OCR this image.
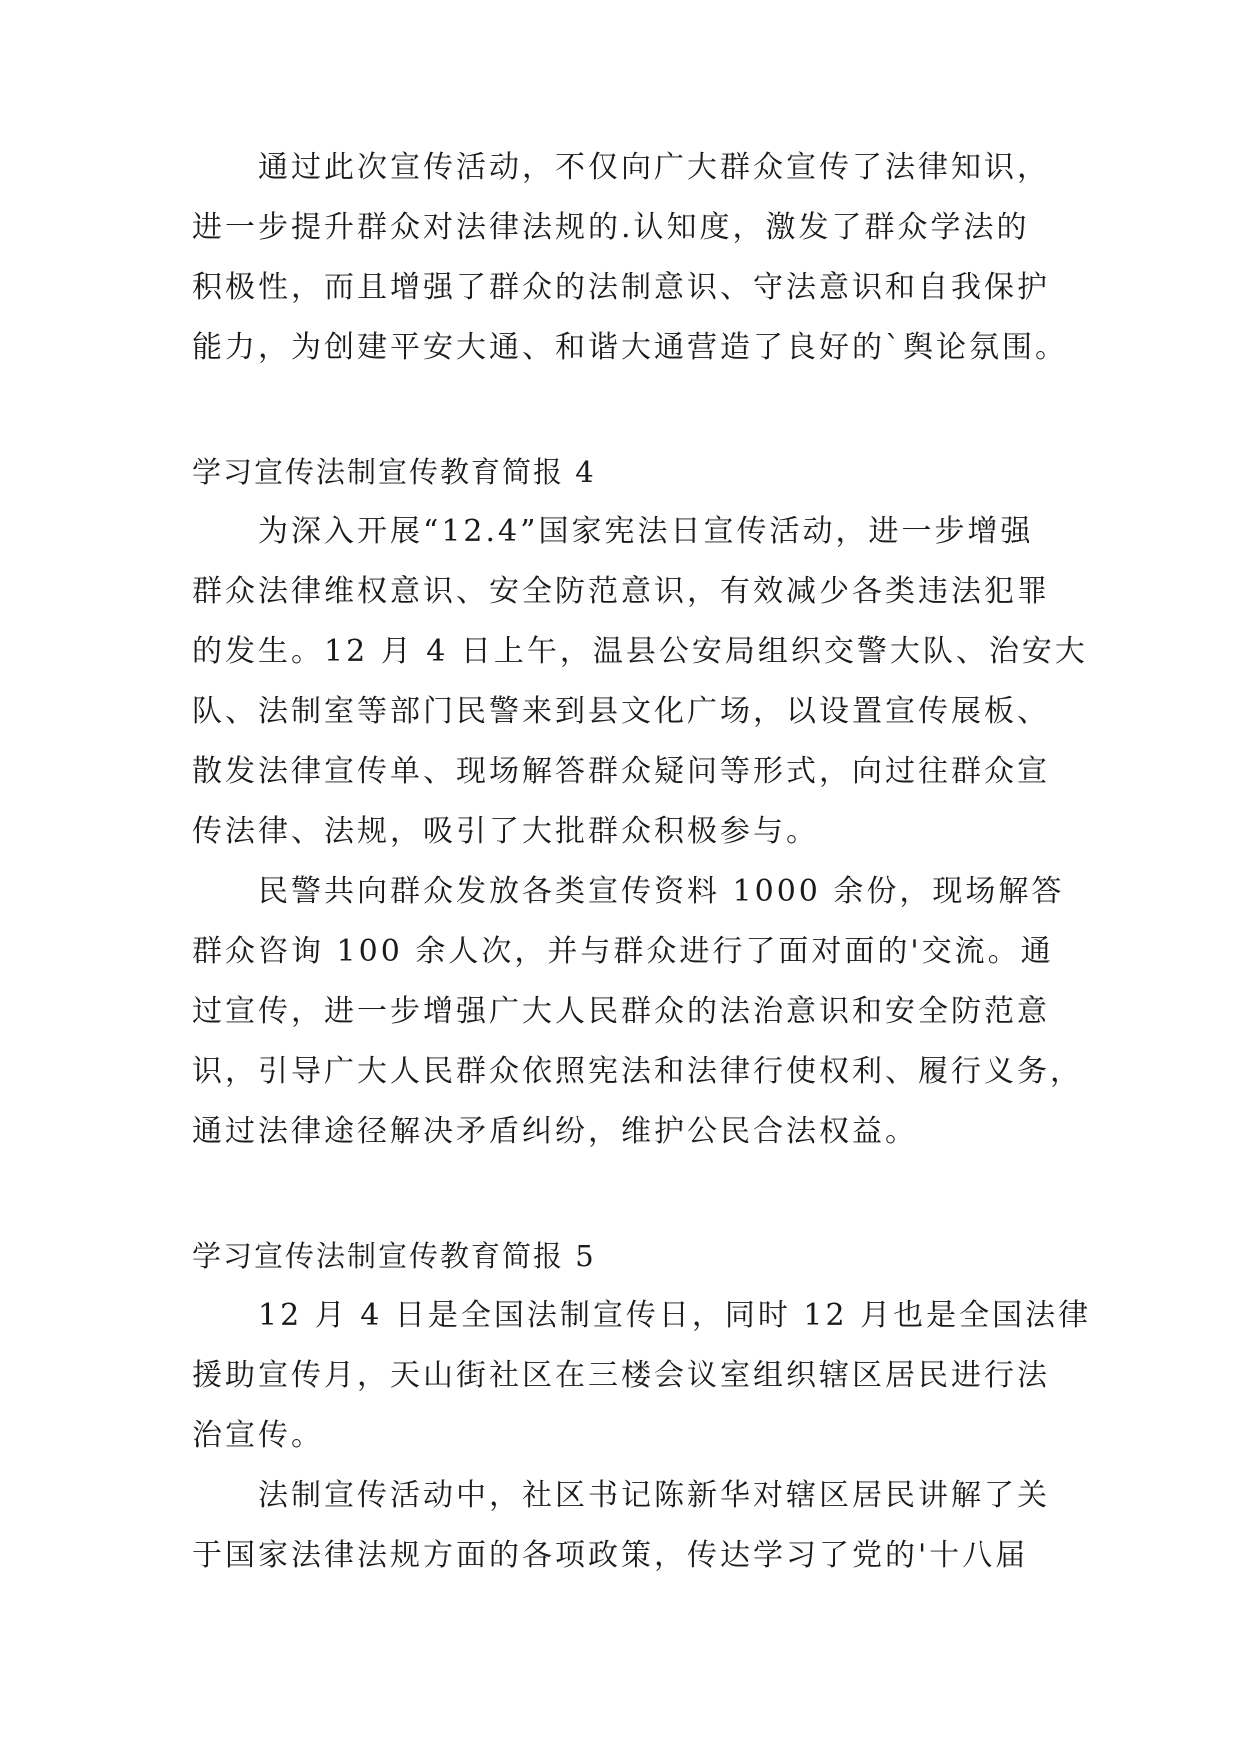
通过此次宣传活动，不仅向广大群众宣传了法律知识，
进一步提升群众对法律法规的.认知度，激发了群众学法的
积极性，而且增强了群众的法制意识、守法意识和自我保护
能力，为创建平安大通、和谐大通营造了良好的`舆论氛围。
学习宣传法制宣传教育简报 4
为深入开展“12.4”国家宪法日宣传活动，进一步增强
群众法律维权意识、安全防范意识，有效减少各类违法犯罪
的发生。12 月 4 日上午，温县公安局组织交警大队、治安大
队、法制室等部门民警来到县文化广场，以设置宣传展板、
散发法律宣传单、现场解答群众疑问等形式，向过往群众宣
传法律、法规，吸引了大批群众积极参与。
民警共向群众发放各类宣传资料 1000 余份，现场解答
群众咨询 100 余人次，并与群众进行了面对面的'交流。通
过宣传，进一步增强广大人民群众的法治意识和安全防范意
识，引导广大人民群众依照宪法和法律行使权利、履行义务，
通过法律途径解决矛盾纠纷，维护公民合法权益。
学习宣传法制宣传教育简报 5
12 月 4 日是全国法制宣传日，同时 12 月也是全国法律
援助宣传月，天山街社区在三楼会议室组织辖区居民进行法
治宣传。
法制宣传活动中，社区书记陈新华对辖区居民讲解了关
于国家法律法规方面的各项政策，传达学习了党的'十八届
